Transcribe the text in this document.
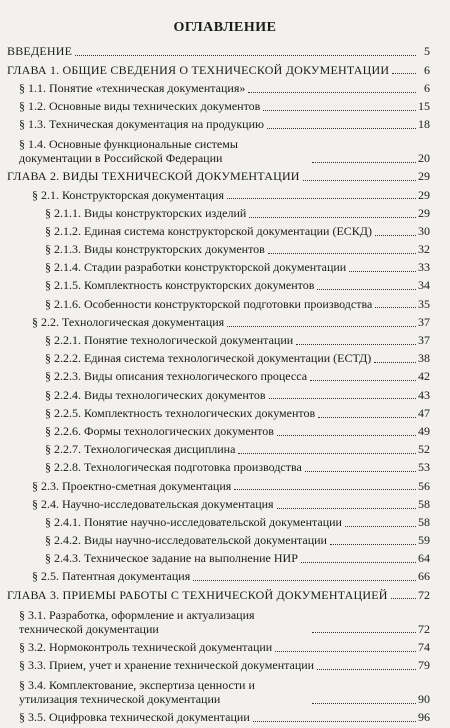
ОГЛАВЛЕНИЕ
ВВЕДЕНИЕ	5
ГЛАВА 1. ОБЩИЕ СВЕДЕНИЯ О ТЕХНИЧЕСКОЙ ДОКУМЕНТАЦИИ	6
§ 1.1. Понятие «техническая документация»	6
§ 1.2. Основные виды технических документов	15
§ 1.3. Техническая документация на продукцию	18
§ 1.4. Основные функциональные системы документации в Российской Федерации	20
ГЛАВА 2. ВИДЫ ТЕХНИЧЕСКОЙ ДОКУМЕНТАЦИИ	29
§ 2.1. Конструкторская документация	29
§ 2.1.1. Виды конструкторских изделий	29
§ 2.1.2. Единая система конструкторской документации (ЕСКД)	30
§ 2.1.3. Виды конструкторских документов	32
§ 2.1.4. Стадии разработки конструкторской документации	33
§ 2.1.5. Комплектность конструкторских документов	34
§ 2.1.6. Особенности конструкторской подготовки производства	35
§ 2.2. Технологическая документация	37
§ 2.2.1. Понятие технологической документации	37
§ 2.2.2. Единая система технологической документации (ЕСТД)	38
§ 2.2.3. Виды описания технологического процесса	42
§ 2.2.4. Виды технологических документов	43
§ 2.2.5. Комплектность технологических документов	47
§ 2.2.6. Формы технологических документов	49
§ 2.2.7. Технологическая дисциплина	52
§ 2.2.8. Технологическая подготовка производства	53
§ 2.3. Проектно-сметная документация	56
§ 2.4. Научно-исследовательская документация	58
§ 2.4.1. Понятие научно-исследовательской документации	58
§ 2.4.2. Виды научно-исследовательской документации	59
§ 2.4.3. Техническое задание на выполнение НИР	64
§ 2.5. Патентная документация	66
ГЛАВА 3. ПРИЕМЫ РАБОТЫ С ТЕХНИЧЕСКОЙ ДОКУМЕНТАЦИЕЙ	72
§ 3.1. Разработка, оформление и актуализация технической документации	72
§ 3.2. Нормоконтроль технической документации	74
§ 3.3. Прием, учет и хранение технической документации	79
§ 3.4. Комплектование, экспертиза ценности и утилизация технической документации	90
§ 3.5. Оцифровка технической документации	96
